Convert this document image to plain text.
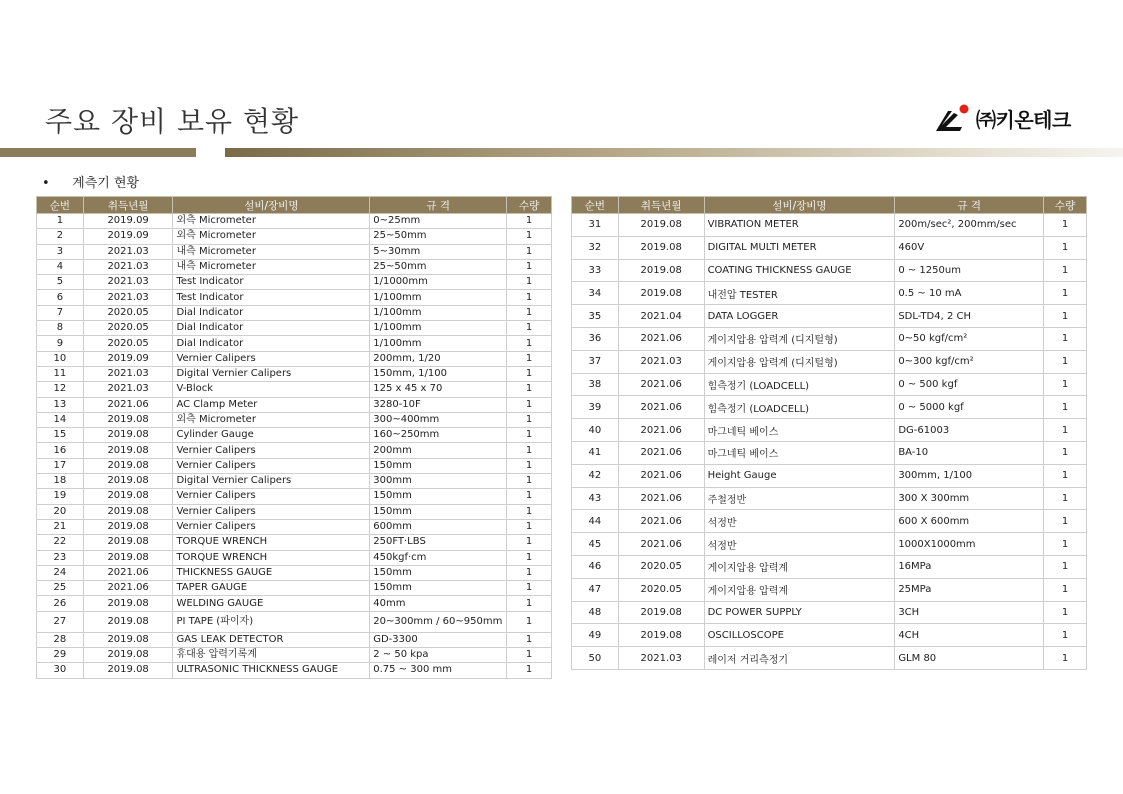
주요 장비 보유 현황	㈜키온테크
• 계측기 현황
순번	취득년월	설비/장비명	규 격	수량
1	2019.09	외측 Micrometer	0~25mm	1
2	2019.09	외측 Micrometer	25~50mm	1
3	2021.03	내측 Micrometer	5~30mm	1
4	2021.03	내측 Micrometer	25~50mm	1
5	2021.03	Test Indicator	1/1000mm	1
6	2021.03	Test Indicator	1/100mm	1
7	2020.05	Dial Indicator	1/100mm	1
8	2020.05	Dial Indicator	1/100mm	1
9	2020.05	Dial Indicator	1/100mm	1
10	2019.09	Vernier Calipers	200mm, 1/20	1
11	2021.03	Digital Vernier Calipers	150mm, 1/100	1
12	2021.03	V-Block	125 x 45 x 70	1
13	2021.06	AC Clamp Meter	3280-10F	1
14	2019.08	외측 Micrometer	300~400mm	1
15	2019.08	Cylinder Gauge	160~250mm	1
16	2019.08	Vernier Calipers	200mm	1
17	2019.08	Vernier Calipers	150mm	1
18	2019.08	Digital Vernier Calipers	300mm	1
19	2019.08	Vernier Calipers	150mm	1
20	2019.08	Vernier Calipers	150mm	1
21	2019.08	Vernier Calipers	600mm	1
22	2019.08	TORQUE WRENCH	250FT·LBS	1
23	2019.08	TORQUE WRENCH	450kgf·cm	1
24	2021.06	THICKNESS GAUGE	150mm	1
25	2021.06	TAPER GAUGE	150mm	1
26	2019.08	WELDING GAUGE	40mm	1
27	2019.08	PI TAPE (파이자)	20~300mm / 60~950mm	1
28	2019.08	GAS LEAK DETECTOR	GD-3300	1
29	2019.08	휴대용 압력기록계	2 ~ 50 kpa	1
30	2019.08	ULTRASONIC THICKNESS GAUGE	0.75 ~ 300 mm	1
순번	취득년월	설비/장비명	규 격	수량
31	2019.08	VIBRATION METER	200m/sec², 200mm/sec	1
32	2019.08	DIGITAL MULTI METER	460V	1
33	2019.08	COATING THICKNESS GAUGE	0 ~ 1250um	1
34	2019.08	내전압 TESTER	0.5 ~ 10 mA	1
35	2021.04	DATA LOGGER	SDL-TD4, 2 CH	1
36	2021.06	게이지압용 압력계 (디지털형)	0~50 kgf/cm²	1
37	2021.03	게이지압용 압력계 (디지털형)	0~300 kgf/cm²	1
38	2021.06	힘측정기 (LOADCELL)	0 ~ 500 kgf	1
39	2021.06	힘측정기 (LOADCELL)	0 ~ 5000 kgf	1
40	2021.06	마그네틱 베이스	DG-61003	1
41	2021.06	마그네틱 베이스	BA-10	1
42	2021.06	Height Gauge	300mm, 1/100	1
43	2021.06	주철정반	300 X 300mm	1
44	2021.06	석정반	600 X 600mm	1
45	2021.06	석정반	1000X1000mm	1
46	2020.05	게이지압용 압력계	16MPa	1
47	2020.05	게이지압용 압력계	25MPa	1
48	2019.08	DC POWER SUPPLY	3CH	1
49	2019.08	OSCILLOSCOPE	4CH	1
50	2021.03	레이저 거리측정기	GLM 80	1
